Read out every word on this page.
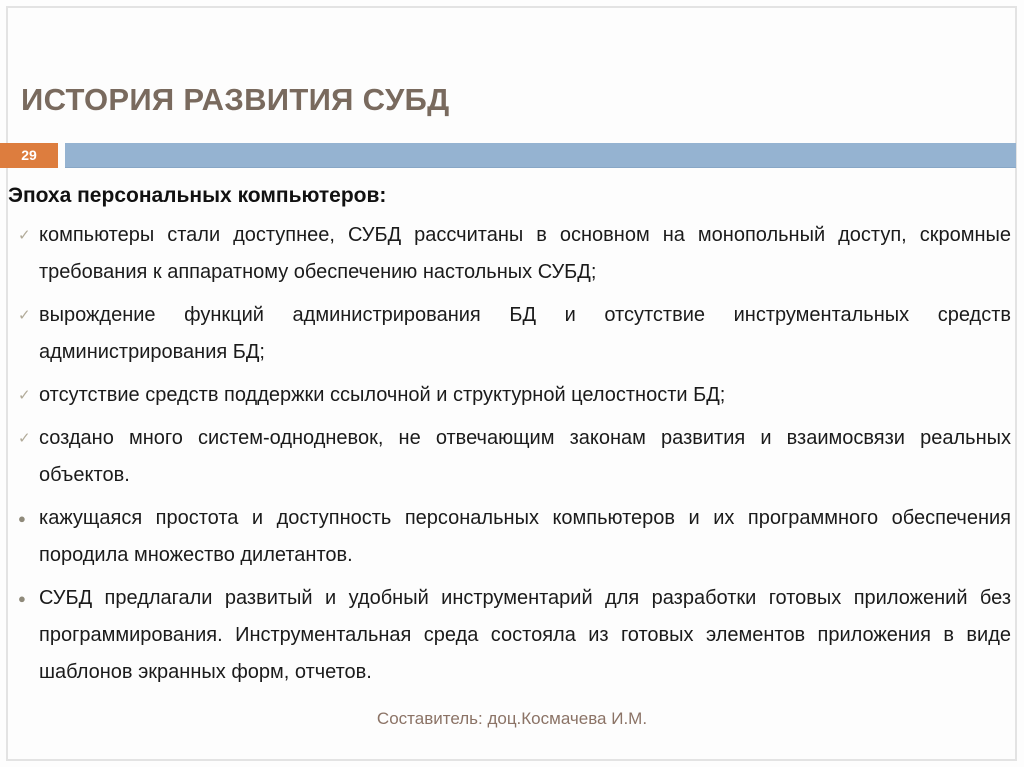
ИСТОРИЯ РАЗВИТИЯ СУБД
29
Эпоха персональных компьютеров:
✓ компьютеры стали доступнее, СУБД рассчитаны в основном на монопольный доступ, скромные требования к аппаратному обеспечению настольных СУБД;
✓ вырождение функций администрирования БД и отсутствие инструментальных средств администрирования БД;
✓ отсутствие средств поддержки ссылочной и структурной целостности БД;
✓ создано много систем-однодневок, не отвечающим законам развития и взаимосвязи реальных объектов.
● кажущаяся простота и доступность персональных компьютеров и их программного обеспечения породила множество дилетантов.
● СУБД предлагали развитый и удобный инструментарий для разработки готовых приложений без программирования. Инструментальная среда состояла из готовых элементов приложения в виде шаблонов экранных форм, отчетов.
Составитель: доц.Космачева И.М.
